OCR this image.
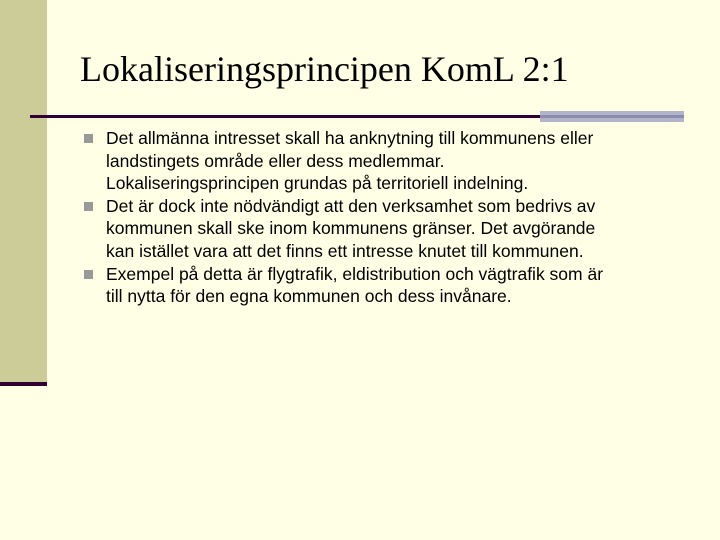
Lokaliseringsprincipen KomL 2:1
Det allmänna intresset skall ha anknytning till kommunens eller
landstingets område eller dess medlemmar.
Lokaliseringsprincipen grundas på territoriell indelning.
Det är dock inte nödvändigt att den verksamhet som bedrivs av
kommunen skall ske inom kommunens gränser. Det avgörande
kan istället vara att det finns ett intresse knutet till kommunen.
Exempel på detta är flygtrafik, eldistribution och vägtrafik som är
till nytta för den egna kommunen och dess invånare.
